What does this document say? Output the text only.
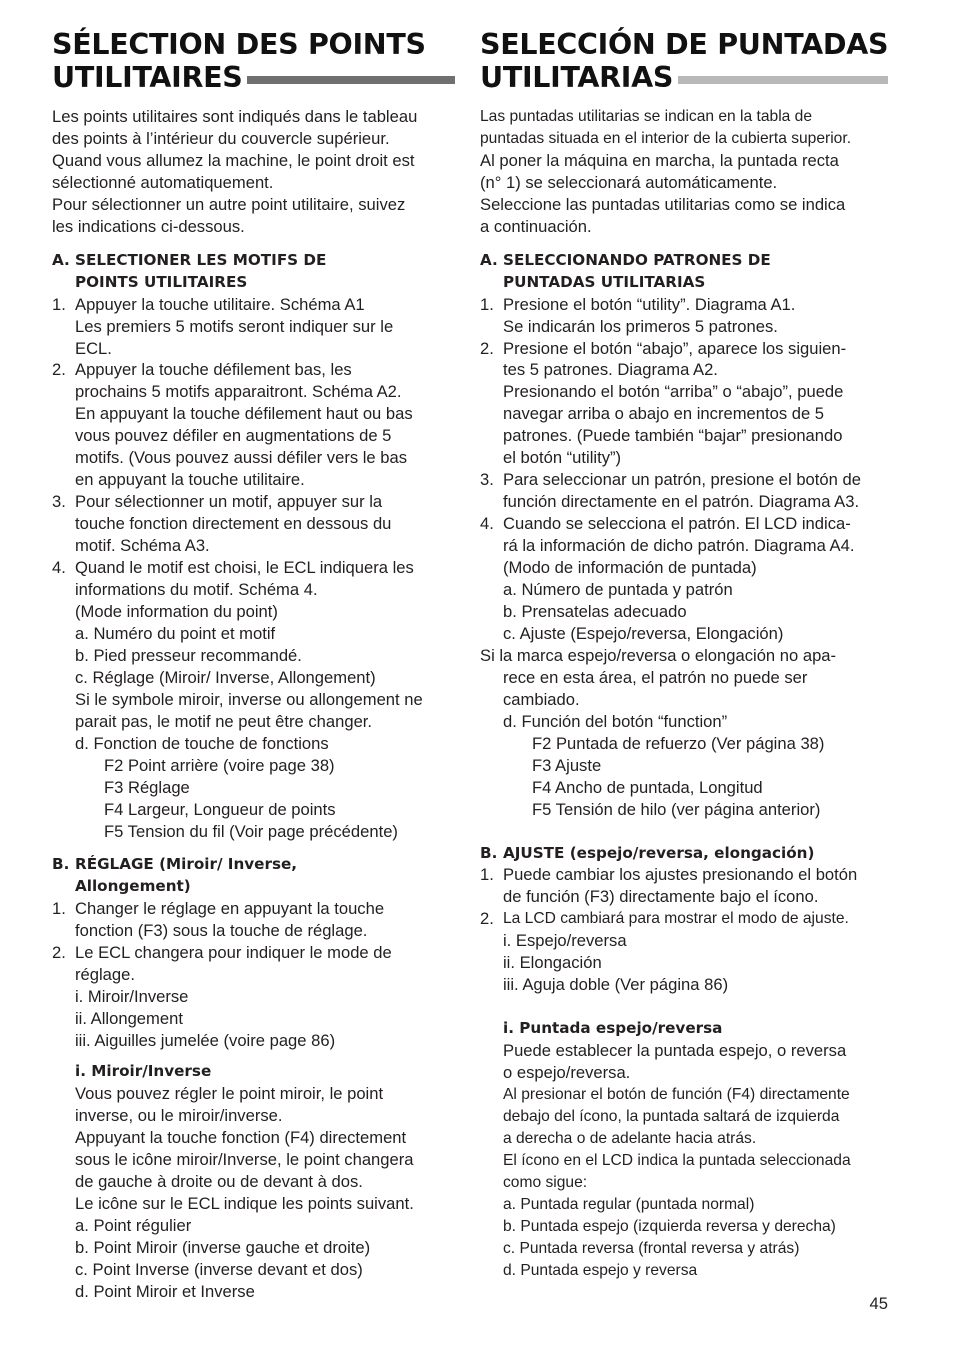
SÉLECTION DES POINTS
UTILITAIRES

Les points utilitaires sont indiqués dans le tableau

des points à l’intérieur du couvercle supérieur.

Quand vous allumez la machine, le point droit est

sélectionné automatiquement.

Pour sélectionner un autre point utilitaire, suivez

les indications ci-dessous.

A. SELECTIONER LES MOTIFS DE
POINTS UTILITAIRES
1. Appuyer la touche utilitaire. Schéma A1
Les premiers 5 motifs seront indiquer sur le
ECL.
2. Appuyer la touche défilement bas, les
prochains 5 motifs apparaitront. Schéma A2.
En appuyant la touche défilement haut ou bas
vous pouvez défiler en augmentations de 5
motifs. (Vous pouvez aussi défiler vers le bas
en appuyant la touche utilitaire.
3. Pour sélectionner un motif, appuyer sur la
touche fonction directement en dessous du
motif. Schéma A3.
4. Quand le motif est choisi, le ECL indiquera les
informations du motif. Schéma 4.
(Mode information du point)
a. Numéro du point et motif
b. Pied presseur recommandé.
c. Réglage (Miroir/ Inverse, Allongement)
Si le symbole miroir, inverse ou allongement ne
parait pas, le motif ne peut être changer.
d. Fonction de touche de fonctions

F2 Point arrière (voire page 38)

F3 Réglage

F4 Largeur, Longueur de points

F5 Tension du fil (Voir page précédente)

B. RÉGLAGE (Miroir/ Inverse,
Allongement)
1. Changer le réglage en appuyant la touche
fonction (F3) sous la touche de réglage.
2. Le ECL changera pour indiquer le mode de
réglage.
i. Miroir/Inverse
ii. Allongement
iii. Aiguilles jumelée (voire page 86)
i. Miroir/Inverse

Vous pouvez régler le point miroir, le point

inverse, ou le miroir/inverse.

Appuyant la touche fonction (F4) directement

sous le icône miroir/Inverse, le point changera

de gauche à droite ou de devant à dos.

Le icône sur le ECL indique les points suivant.

a. Point régulier

b. Point Miroir (inverse gauche et droite)

c. Point Inverse (inverse devant et dos)

d. Point Miroir et Inverse

SELECCIÓN DE PUNTADAS
UTILITARIAS

Las puntadas utilitarias se indican en la tabla de

puntadas situada en el interior de la cubierta superior.

Al poner la máquina en marcha, la puntada recta

(n° 1) se seleccionará automáticamente.

Seleccione las puntadas utilitarias como se indica

a continuación.

A. SELECCIONANDO PATRONES DE
PUNTADAS UTILITARIAS
1. Presione el botón “utility”. Diagrama A1.
Se indicarán los primeros 5 patrones.
2. Presione el botón “abajo”, aparece los siguien-
tes 5 patrones. Diagrama A2.
Presionando el botón “arriba” o “abajo”, puede
navegar arriba o abajo en incrementos de 5
patrones. (Puede también “bajar” presionando
el botón “utility”)
3. Para seleccionar un patrón, presione el botón de
función directamente en el patrón. Diagrama A3.
4. Cuando se selecciona el patrón. El LCD indica-
rá la información de dicho patrón. Diagrama A4.
(Modo de información de puntada)
a. Número de puntada y patrón
b. Prensatelas adecuado
c. Ajuste (Espejo/reversa, Elongación)

Si la marca espejo/reversa o elongación no apa-

rece en esta área, el patrón no puede ser

cambiado.

d. Función del botón “function”

F2 Puntada de refuerzo (Ver página 38)

F3 Ajuste

F4 Ancho de puntada, Longitud

F5 Tensión de hilo (ver página anterior)

B. AJUSTE (espejo/reversa, elongación)
1. Puede cambiar los ajustes presionando el botón
de función (F3) directamente bajo el ícono.
2. La LCD cambiará para mostrar el modo de ajuste.
i. Espejo/reversa
ii. Elongación
iii. Aguja doble (Ver página 86)
i. Puntada espejo/reversa

Puede establecer la puntada espejo, o reversa

o espejo/reversa.

Al presionar el botón de función (F4) directamente

debajo del ícono, la puntada saltará de izquierda

a derecha o de adelante hacia atrás.

El ícono en el LCD indica la puntada seleccionada

como sigue:

a. Puntada regular (puntada normal)

b. Puntada espejo (izquierda reversa y derecha)

c. Puntada reversa (frontal reversa y atrás)

d. Puntada espejo y reversa

45
